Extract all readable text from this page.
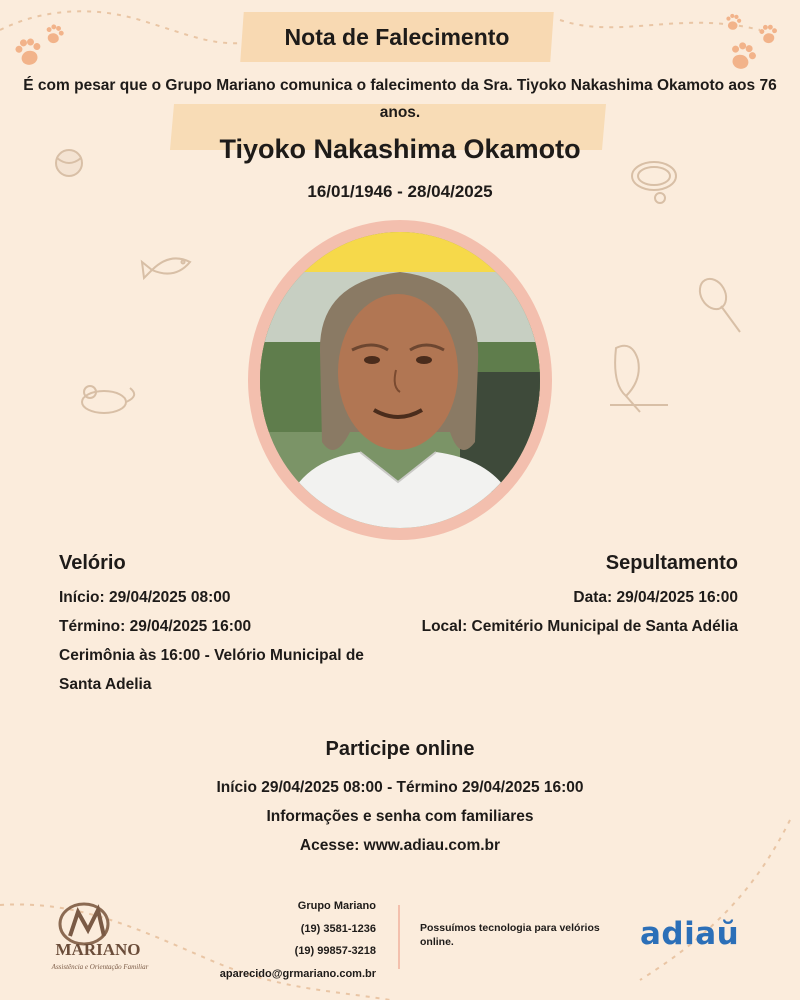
Nota de Falecimento
É com pesar que o Grupo Mariano comunica o falecimento da Sra. Tiyoko Nakashima Okamoto aos 76 anos.
Tiyoko Nakashima Okamoto
16/01/1946 - 28/04/2025
Velório
Início: 29/04/2025 08:00
Término: 29/04/2025 16:00
Cerimônia às 16:00 - Velório Municipal de
Santa Adelia
Sepultamento
Data: 29/04/2025 16:00
Local: Cemitério Municipal de Santa Adélia
Participe online
Início 29/04/2025 08:00 - Término 29/04/2025 16:00
Informações e senha com familiares
Acesse: www.adiau.com.br
MARIANO
Assistência e Orientação Familiar
Grupo Mariano
(19) 3581-1236
(19) 99857-3218
aparecido@grmariano.com.br
Possuímos tecnologia para velórios online.	adiaŭ
